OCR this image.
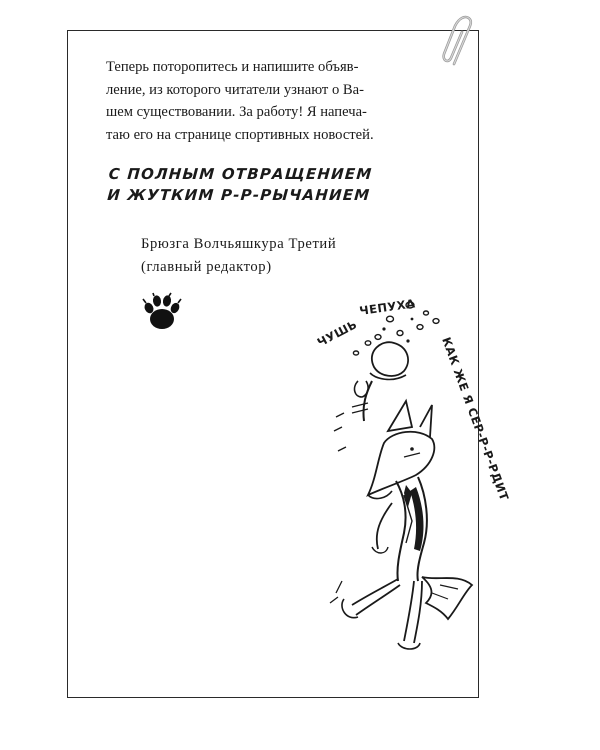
Теперь поторопитесь и напишите объяв-
ление, из которого читатели узнают о Ва-
шем существовании. За работу! Я напеча-
таю его на странице спортивных новостей.
С ПОЛНЫМ ОТВРАЩЕНИЕМ
И ЖУТКИМ Р-Р-РЫЧАНИЕМ
Брюзга Волчьяшкура Третий
(главный редактор)
ЧУШЬ
ЧЕПУХА
КАК ЖЕ Я СЕР-Р-Р-РДИТ
